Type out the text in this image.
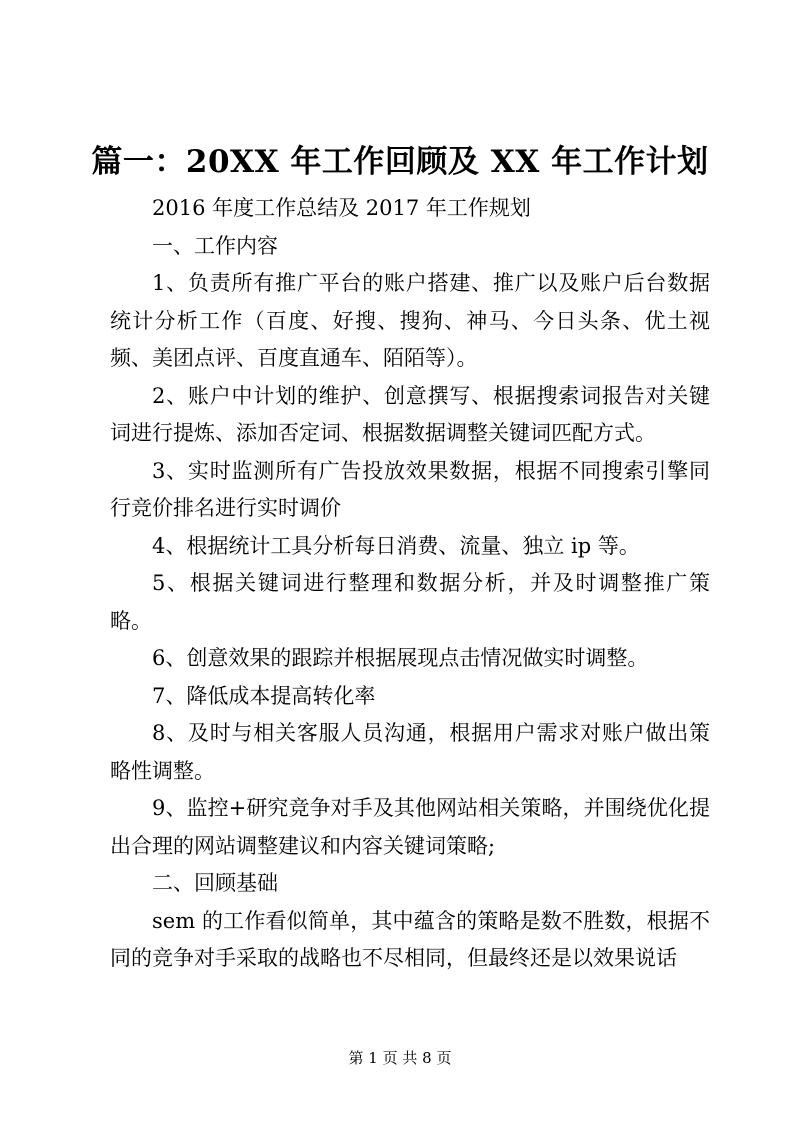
篇一：20XX 年工作回顾及 XX 年工作计划

2016 年度工作总结及 2017 年工作规划

一、工作内容

1、负责所有推广平台的账户搭建、推广以及账户后台数据统计分析工作（百度、好搜、搜狗、神马、今日头条、优土视频、美团点评、百度直通车、陌陌等）。

2、账户中计划的维护、创意撰写、根据搜索词报告对关键词进行提炼、添加否定词、根据数据调整关键词匹配方式。

3、实时监测所有广告投放效果数据，根据不同搜索引擎同行竞价排名进行实时调价

4、根据统计工具分析每日消费、流量、独立 ip 等。

5、根据关键词进行整理和数据分析，并及时调整推广策略。

6、创意效果的跟踪并根据展现点击情况做实时调整。

7、降低成本提高转化率

8、及时与相关客服人员沟通，根据用户需求对账户做出策略性调整。

9、监控+研究竞争对手及其他网站相关策略，并围绕优化提出合理的网站调整建议和内容关键词策略;

二、回顾基础

sem 的工作看似简单，其中蕴含的策略是数不胜数，根据不同的竞争对手采取的战略也不尽相同，但最终还是以效果说话

第 1 页 共 8 页
